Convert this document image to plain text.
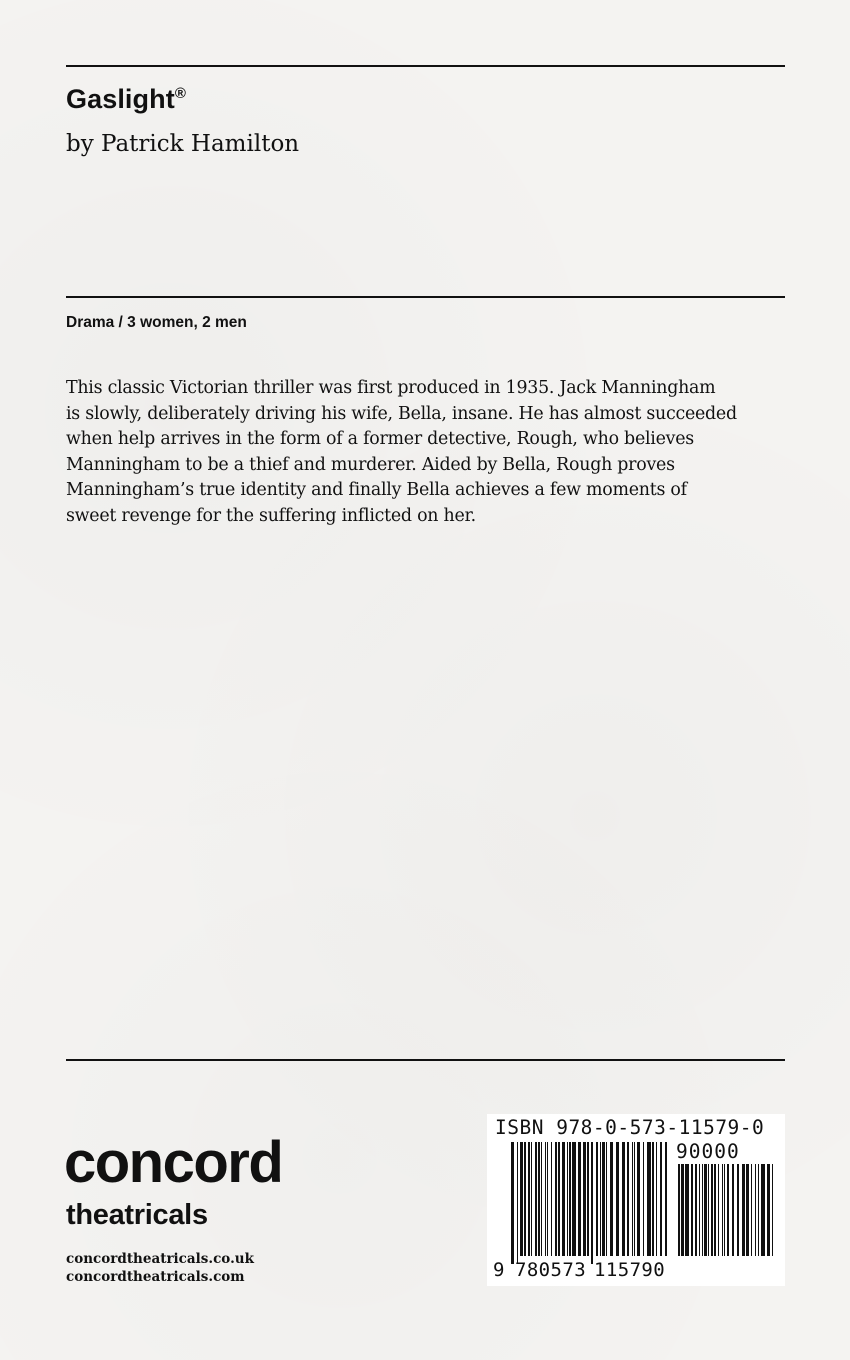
Gaslight®

by Patrick Hamilton

Drama / 3 women, 2 men

This classic Victorian thriller was first produced in 1935. Jack Manningham
is slowly, deliberately driving his wife, Bella, insane. He has almost succeeded
when help arrives in the form of a former detective, Rough, who believes
Manningham to be a thief and murderer. Aided by Bella, Rough proves
Manningham’s true identity and finally Bella achieves a few moments of
sweet revenge for the suffering inflicted on her.

concord
theatricals
concordtheatricals.co.uk
concordtheatricals.com
ISBN 978-0-573-11579-0
90000
9 780573 115790
